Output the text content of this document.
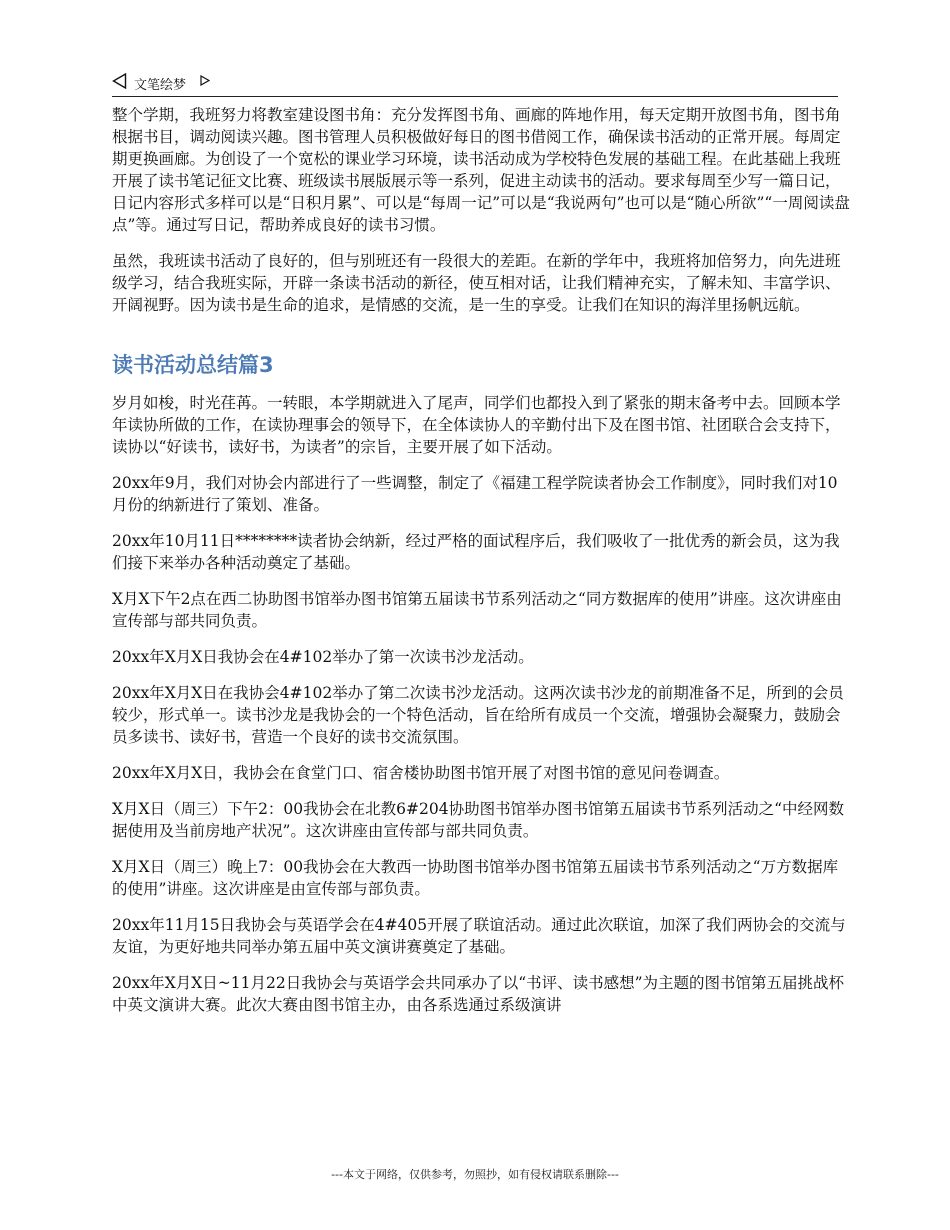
文笔绘梦

整个学期，我班努力将教室建设图书角：充分发挥图书角、画廊的阵地作用，每天定期开放图书角，图书角根据书目，调动阅读兴趣。图书管理人员积极做好每日的图书借阅工作，确保读书活动的正常开展。每周定期更换画廊。为创设了一个宽松的课业学习环境，读书活动成为学校特色发展的基础工程。在此基础上我班开展了读书笔记征文比赛、班级读书展版展示等一系列，促进主动读书的活动。要求每周至少写一篇日记，日记内容形式多样可以是“日积月累”、可以是“每周一记”可以是“我说两句”也可以是“随心所欲”“一周阅读盘点”等。通过写日记，帮助养成良好的读书习惯。

虽然，我班读书活动了良好的，但与别班还有一段很大的差距。在新的学年中，我班将加倍努力，向先进班级学习，结合我班实际，开辟一条读书活动的新径，使互相对话，让我们精神充实，了解未知、丰富学识、开阔视野。因为读书是生命的追求，是情感的交流，是一生的享受。让我们在知识的海洋里扬帆远航。

读书活动总结篇3

岁月如梭，时光荏苒。一转眼，本学期就进入了尾声，同学们也都投入到了紧张的期末备考中去。回顾本学年读协所做的工作，在读协理事会的领导下，在全体读协人的辛勤付出下及在图书馆、社团联合会支持下，读协以“好读书，读好书，为读者”的宗旨，主要开展了如下活动。

20xx年9月，我们对协会内部进行了一些调整，制定了《福建工程学院读者协会工作制度》，同时我们对10月份的纳新进行了策划、准备。

20xx年10月11日********读者协会纳新，经过严格的面试程序后，我们吸收了一批优秀的新会员，这为我们接下来举办各种活动奠定了基础。

X月X下午2点在西二协助图书馆举办图书馆第五届读书节系列活动之“同方数据库的使用”讲座。这次讲座由宣传部与部共同负责。

20xx年X月X日我协会在4#102举办了第一次读书沙龙活动。

20xx年X月X日在我协会4#102举办了第二次读书沙龙活动。这两次读书沙龙的前期准备不足，所到的会员较少，形式单一。读书沙龙是我协会的一个特色活动，旨在给所有成员一个交流，增强协会凝聚力，鼓励会员多读书、读好书，营造一个良好的读书交流氛围。

20xx年X月X日，我协会在食堂门口、宿舍楼协助图书馆开展了对图书馆的意见问卷调查。

X月X日（周三）下午2：00我协会在北教6#204协助图书馆举办图书馆第五届读书节系列活动之“中经网数据使用及当前房地产状况”。这次讲座由宣传部与部共同负责。

X月X日（周三）晚上7：00我协会在大教西一协助图书馆举办图书馆第五届读书节系列活动之“万方数据库的使用”讲座。这次讲座是由宣传部与部负责。

20xx年11月15日我协会与英语学会在4#405开展了联谊活动。通过此次联谊，加深了我们两协会的交流与友谊，为更好地共同举办第五届中英文演讲赛奠定了基础。

20xx年X月X日~11月22日我协会与英语学会共同承办了以“书评、读书感想”为主题的图书馆第五届挑战杯中英文演讲大赛。此次大赛由图书馆主办，由各系选通过系级演讲

---本文于网络，仅供参考，勿照抄，如有侵权请联系删除---
